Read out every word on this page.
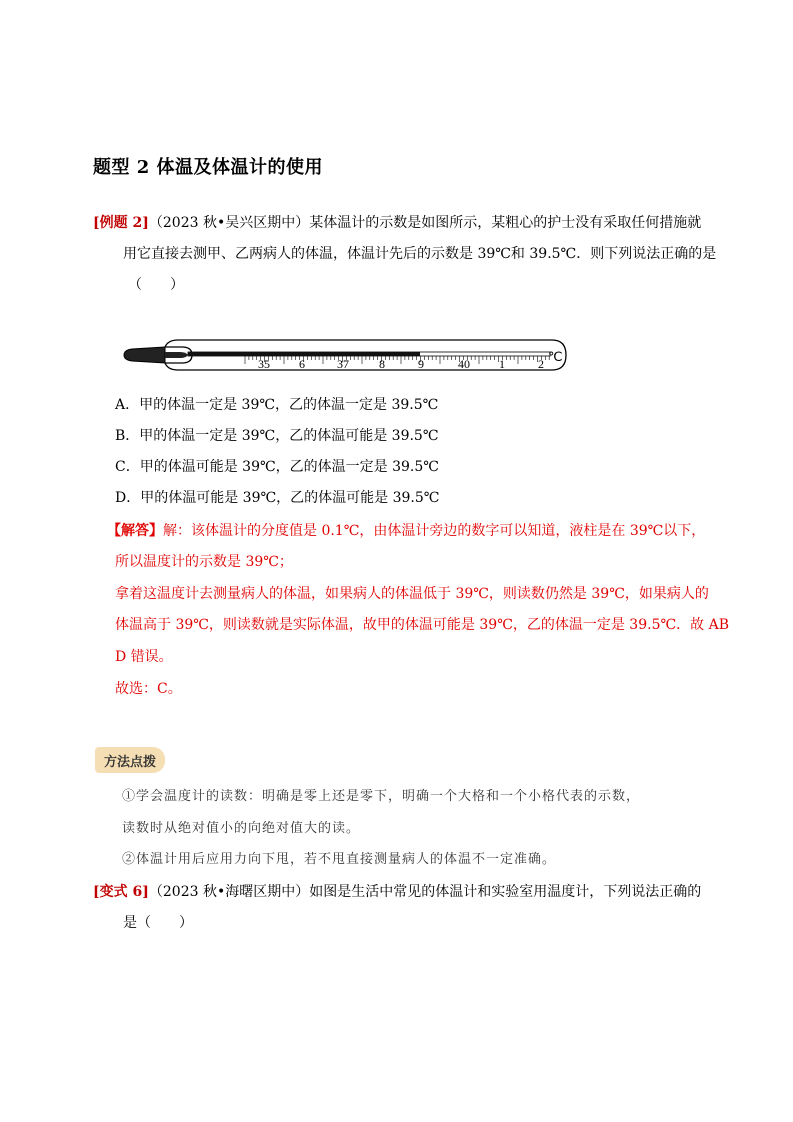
题型 2 体温及体温计的使用
[例题 2]（2023 秋•吴兴区期中）某体温计的示数是如图所示，某粗心的护士没有采取任何措施就
用它直接去测甲、乙两病人的体温，体温计先后的示数是 39℃和 39.5℃．则下列说法正确的是
（　　）
35 6	37	8	9	40 1	2 ℃
A．甲的体温一定是 39℃，乙的体温一定是 39.5℃
B．甲的体温一定是 39℃，乙的体温可能是 39.5℃
C．甲的体温可能是 39℃，乙的体温一定是 39.5℃
D．甲的体温可能是 39℃，乙的体温可能是 39.5℃
【解答】解：该体温计的分度值是 0.1℃，由体温计旁边的数字可以知道，液柱是在 39℃以下，
所以温度计的示数是 39℃；
拿着这温度计去测量病人的体温，如果病人的体温低于 39℃，则读数仍然是 39℃，如果病人的
体温高于 39℃，则读数就是实际体温，故甲的体温可能是 39℃，乙的体温一定是 39.5℃．故 AB
D 错误。
故选：C。
方法点拨
①学会温度计的读数：明确是零上还是零下，明确一个大格和一个小格代表的示数，
读数时从绝对值小的向绝对值大的读。
②体温计用后应用力向下甩，若不甩直接测量病人的体温不一定准确。
[变式 6]（2023 秋•海曙区期中）如图是生活中常见的体温计和实验室用温度计，下列说法正确的
是（　　）
